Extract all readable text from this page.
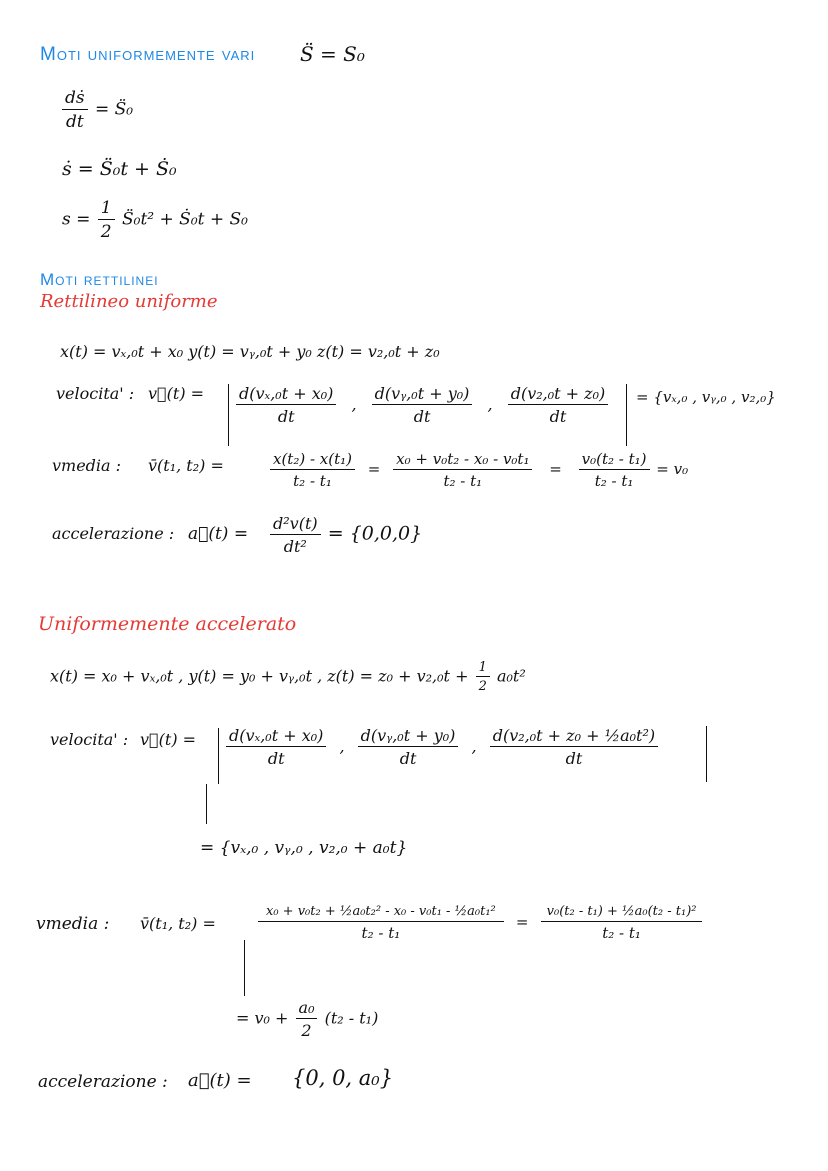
Moti uniformemente vari S̈ = S₀
$\frac{\text{dṡ}}{dt}$ = S̈₀
ṡ = S̈₀t + Ṡ₀
$s = \frac{1}{2}$ S̈₀t² + Ṡ₀t + S₀
Moti rettilinei
Rettilineo uniforme
x(t) = vₓ,₀t + x₀ y(t) = vᵧ,₀t + y₀ z(t) = v₂,₀t + z₀
velocita' : v⃗(t) = $\frac{\text{d(vₓ,₀t + x₀)}}{dt}$ , $\frac{\text{d(vᵧ,₀t + y₀)}}{dt}$ , $\frac{\text{d(v₂,₀t + z₀)}}{dt} = \{v_x,_0$ , vᵧ,₀ , v₂,₀}
vmedia : v̄(t₁, t₂) =	$\frac{\text{x(t₂) - x(t₁)}}{\text{t₂ - t₁}} = \frac{\text{x₀ + v₀t₂ - x₀ - v₀t₁}}{\text{t₂ - t₁}} = \frac{\text{v₀(t₂ - t₁)}}{\text{t₂ - t₁}} = v_0$
accelerazione : a⃗(t) = $\frac{\text{d²v(t)}}{\text{dt²}} = \{0,0,0\}$
Uniformemente accelerato
x(t) = x₀ + vₓ,₀t , y(t) = y₀ + vᵧ,₀t , $z(t) = z_0 + v_2,_0t + \frac{1}{2} a_0t^2$
velocita' : v⃗(t) = $\frac{\text{d(vₓ,₀t + x₀)}}{dt}$ , $\frac{\text{d(vᵧ,₀t + y₀)}}{dt}$ , $\frac{\text{d(v₂,₀t + z₀ + ½a₀t²)}}{dt}$
= {vₓ,₀ , vᵧ,₀ , v₂,₀ + a₀t}
vmedia : v̄(t₁, t₂) =	$\frac{\text{x₀ + v₀t₂ + ½a₀t₂² - x₀ - v₀t₁ - ½a₀t₁²}}{\text{t₂ - t₁}} = \frac{\text{v₀(t₂ - t₁) + ½a₀(t₂ - t₁)²}}{\text{t₂ - t₁}}$
= $v_0 + \frac{\text{a₀}}{2} (t_2 - t_1)$
accelerazione : a⃗(t) = {0, 0, a₀}
